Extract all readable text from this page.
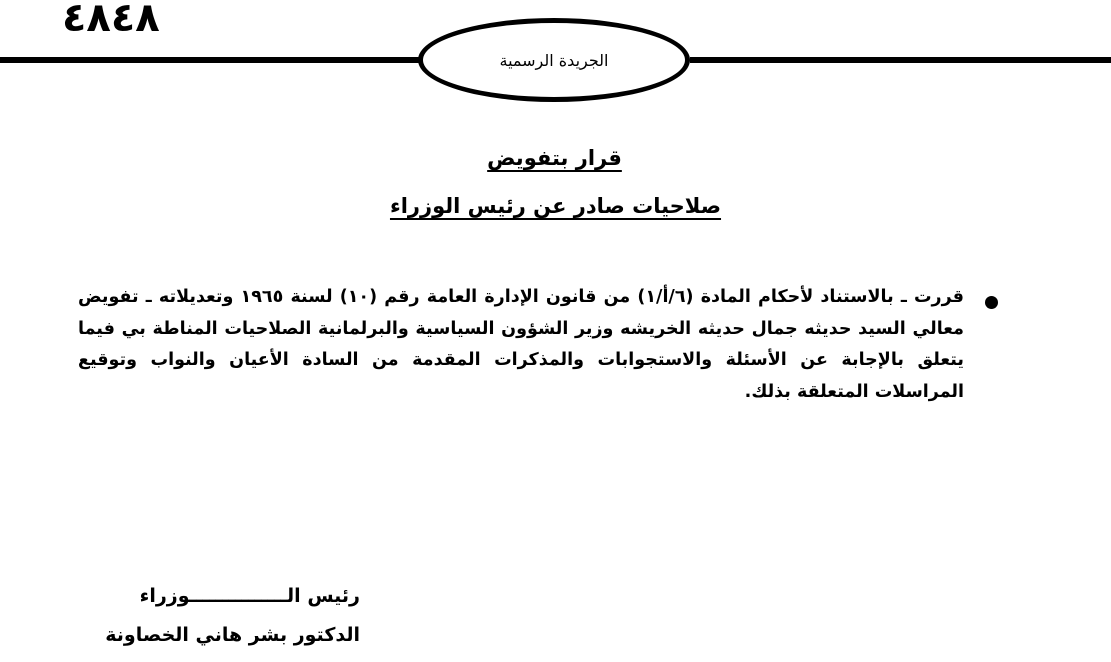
٤٨٤٨
الجريدة الرسمية
قرار بتفويض
صلاحيات صادر عن رئيس الوزراء
قررت ـ بالاستناد لأحكام المادة (٦/أ/١) من قانون الإدارة العامة رقم (١٠) لسنة ١٩٦٥ وتعديلاته ـ تفويض معالي السيد حديثه جمال حديثه الخريشه وزير الشؤون السياسية والبرلمانية الصلاحيات المناطة بي فيما يتعلق بالإجابة عن الأسئلة والاستجوابات والمذكرات المقدمة من السادة الأعيان والنواب وتوقيع المراسلات المتعلقة بذلك.
رئيس الـــــــــــــــوزراء
الدكتور بشر هاني الخصاونة
